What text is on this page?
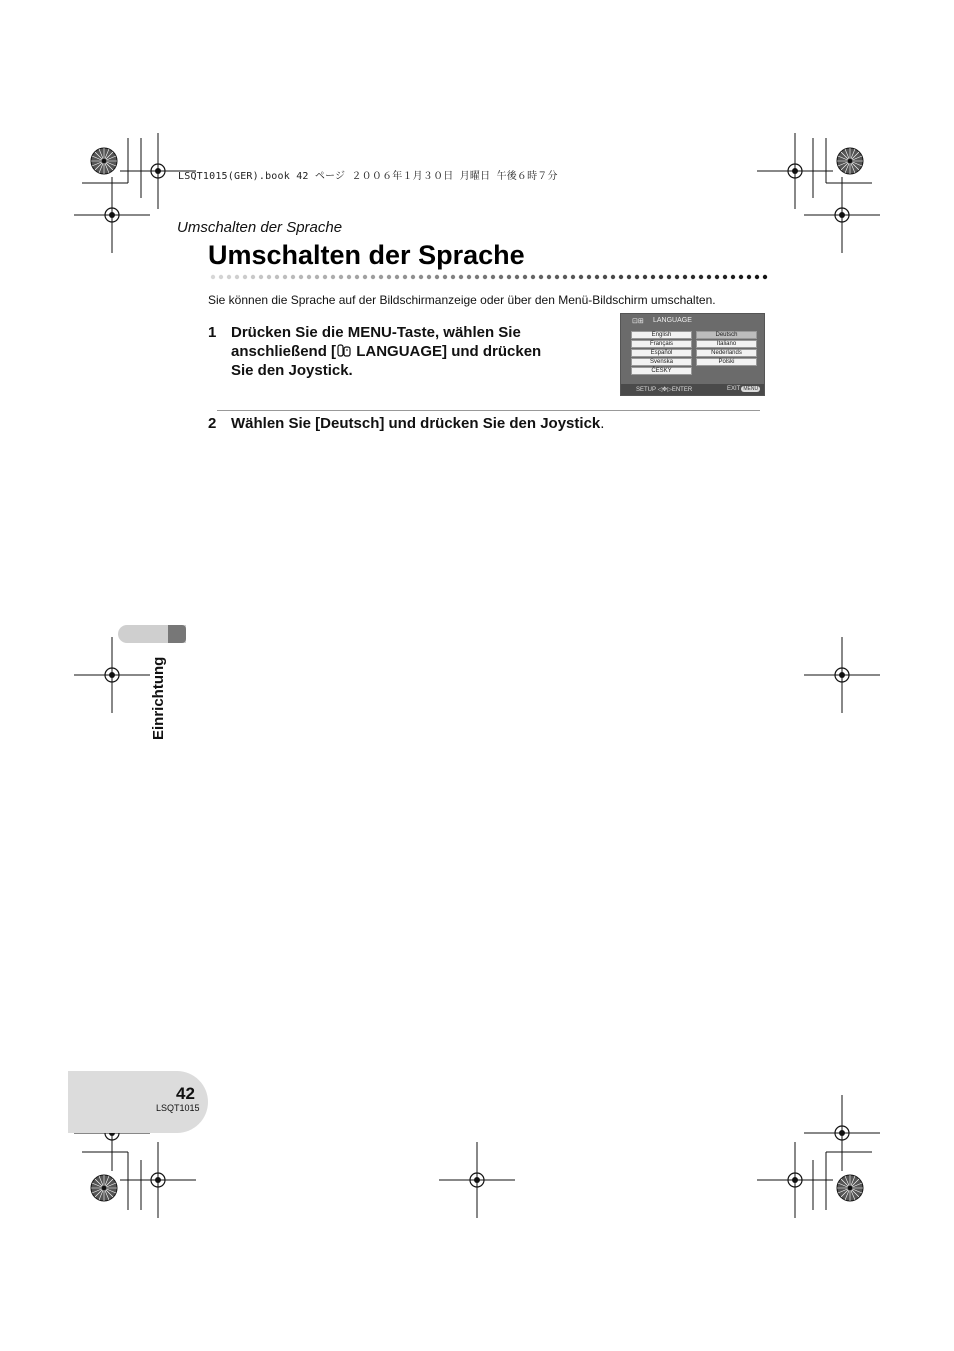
LSQT1015(GER).book 42 ページ ２００６年１月３０日 月曜日 午後６時７分
Umschalten der Sprache
Umschalten der Sprache
Sie können die Sprache auf der Bildschirmanzeige oder über den Menü-Bildschirm umschalten.
1 Drücken Sie die MENU-Taste, wählen Sie
anschließend [ LANGUAGE] und drücken
Sie den Joystick.
⊡⊞ LANGUAGE
English
Français
Español
Svenska
ČESKY
Deutsch
Italiano
Nederlands
Polski
SETUP ◁✥▷ENTER	EXIT MENU
2 Wählen Sie [Deutsch] und drücken Sie den Joystick.
Einrichtung
42
LSQT1015
